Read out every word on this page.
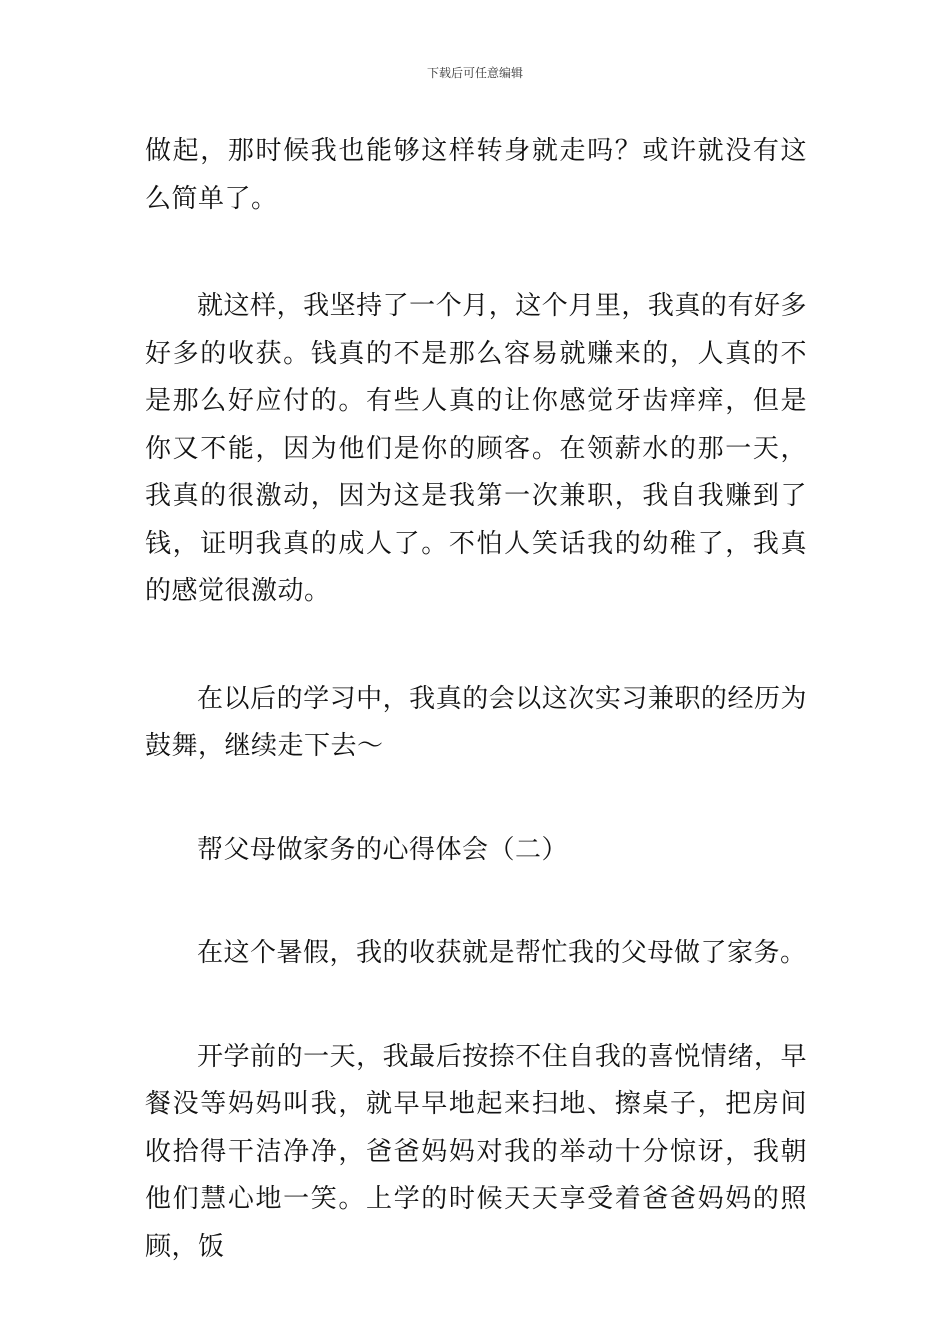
下载后可任意编辑

做起，那时候我也能够这样转身就走吗？或许就没有这么简单了。

就这样，我坚持了一个月，这个月里，我真的有好多好多的收获。钱真的不是那么容易就赚来的，人真的不是那么好应付的。有些人真的让你感觉牙齿痒痒，但是你又不能，因为他们是你的顾客。在领薪水的那一天，我真的很激动，因为这是我第一次兼职，我自我赚到了钱，证明我真的成人了。不怕人笑话我的幼稚了，我真的感觉很激动。

在以后的学习中，我真的会以这次实习兼职的经历为鼓舞，继续走下去～

帮父母做家务的心得体会（二）

在这个暑假，我的收获就是帮忙我的父母做了家务。

开学前的一天，我最后按捺不住自我的喜悦情绪，早餐没等妈妈叫我，就早早地起来扫地、擦桌子，把房间收拾得干洁净净，爸爸妈妈对我的举动十分惊讶，我朝他们慧心地一笑。上学的时候天天享受着爸爸妈妈的照顾，饭
